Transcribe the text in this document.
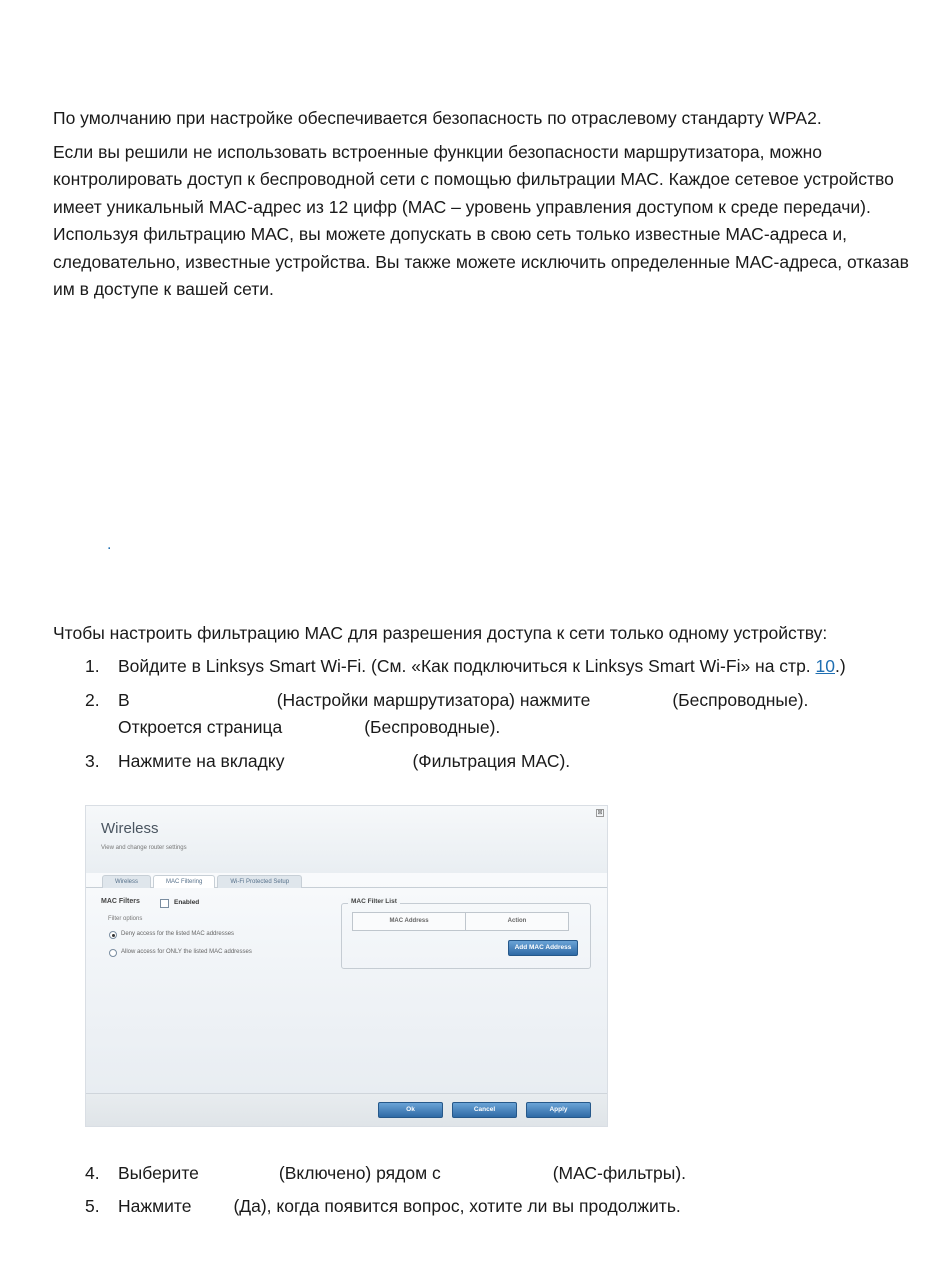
По умолчанию при настройке обеспечивается безопасность по отраслевому стандарту WPA2.

Если вы решили не использовать встроенные функции безопасности маршрутизатора, можно контролировать доступ к беспроводной сети с помощью фильтрации МАС. Каждое сетевое устройство имеет уникальный МАС-адрес из 12 цифр (МАС – уровень управления доступом к среде передачи). Используя фильтрацию МАС, вы можете допускать в свою сеть только известные МАС-адреса и, следовательно, известные устройства. Вы также можете исключить определенные МАС-адреса, отказав им в доступе к вашей сети.

.

Чтобы настроить фильтрацию МАС для разрешения доступа к сети только одному устройству:

1. Войдите в Linksys Smart Wi-Fi. (См. «Как подключиться к Linksys Smart Wi-Fi» на стр. 10.)
2. В	(Настройки маршрутизатора) нажмите	(Беспроводные).
Откроется страница	(Беспроводные).
3. Нажмите на вкладку	(Фильтрация МАС).
⊠
Wireless
View and change router settings
Wireless	MAC Filtering	Wi-Fi Protected Setup
MAC Filters	Enabled
Filter options
Deny access for the listed MAC addresses
Allow access for ONLY the listed MAC addresses
MAC Filter List
MAC Address	Action
Add MAC Address
Ok	Cancel	Apply
4. Выберите	(Включено) рядом с	(МАС-фильтры).
5. Нажмите (Да), когда появится вопрос, хотите ли вы продолжить.
